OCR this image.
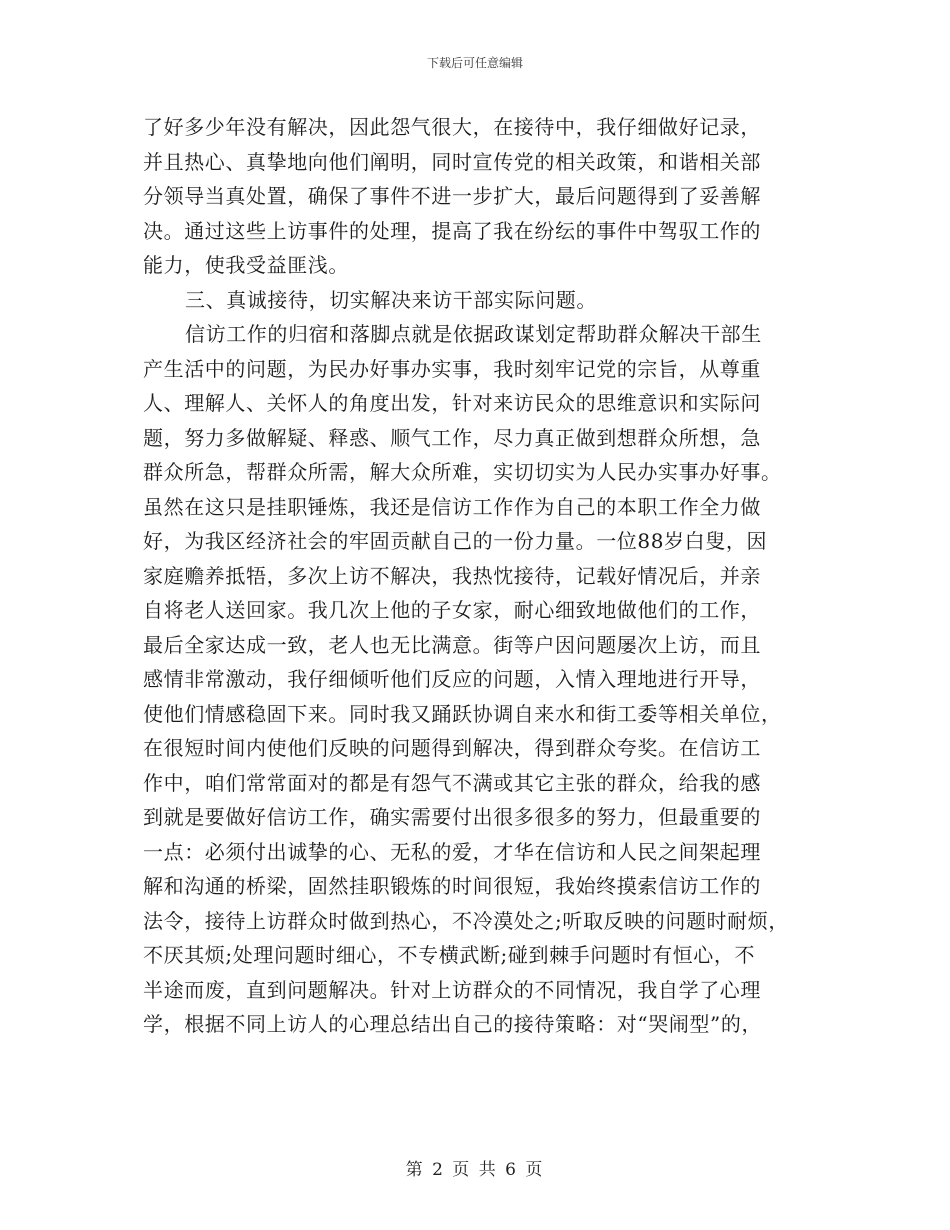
下载后可任意编辑
了好多少年没有解决，因此怨气很大，在接待中，我仔细做好记录，
并且热心、真挚地向他们阐明，同时宣传党的相关政策，和谐相关部
分领导当真处置，确保了事件不进一步扩大，最后问题得到了妥善解
决。通过这些上访事件的处理，提高了我在纷纭的事件中驾驭工作的
能力，使我受益匪浅。
三、真诚接待，切实解决来访干部实际问题。
信访工作的归宿和落脚点就是依据政谋划定帮助群众解决干部生
产生活中的问题，为民办好事办实事，我时刻牢记党的宗旨，从尊重
人、理解人、关怀人的角度出发，针对来访民众的思维意识和实际问
题，努力多做解疑、释惑、顺气工作，尽力真正做到想群众所想，急
群众所急，帮群众所需，解大众所难，实切切实为人民办实事办好事。
虽然在这只是挂职锤炼，我还是信访工作作为自己的本职工作全力做
好，为我区经济社会的牢固贡献自己的一份力量。一位88岁白叟，因
家庭赡养抵牾，多次上访不解决，我热忱接待，记载好情况后，并亲
自将老人送回家。我几次上他的子女家，耐心细致地做他们的工作，
最后全家达成一致，老人也无比满意。街等户因问题屡次上访，而且
感情非常激动，我仔细倾听他们反应的问题，入情入理地进行开导，
使他们情感稳固下来。同时我又踊跃协调自来水和街工委等相关单位，
在很短时间内使他们反映的问题得到解决，得到群众夸奖。在信访工
作中，咱们常常面对的都是有怨气不满或其它主张的群众，给我的感
到就是要做好信访工作，确实需要付出很多很多的努力，但最重要的
一点：必须付出诚挚的心、无私的爱，才华在信访和人民之间架起理
解和沟通的桥梁，固然挂职锻炼的时间很短，我始终摸索信访工作的
法令，接待上访群众时做到热心，不冷漠处之;听取反映的问题时耐烦，
不厌其烦;处理问题时细心，不专横武断;碰到棘手问题时有恒心，不
半途而废，直到问题解决。针对上访群众的不同情况，我自学了心理
学，根据不同上访人的心理总结出自己的接待策略：对“哭闹型”的，
第 2 页 共 6 页
